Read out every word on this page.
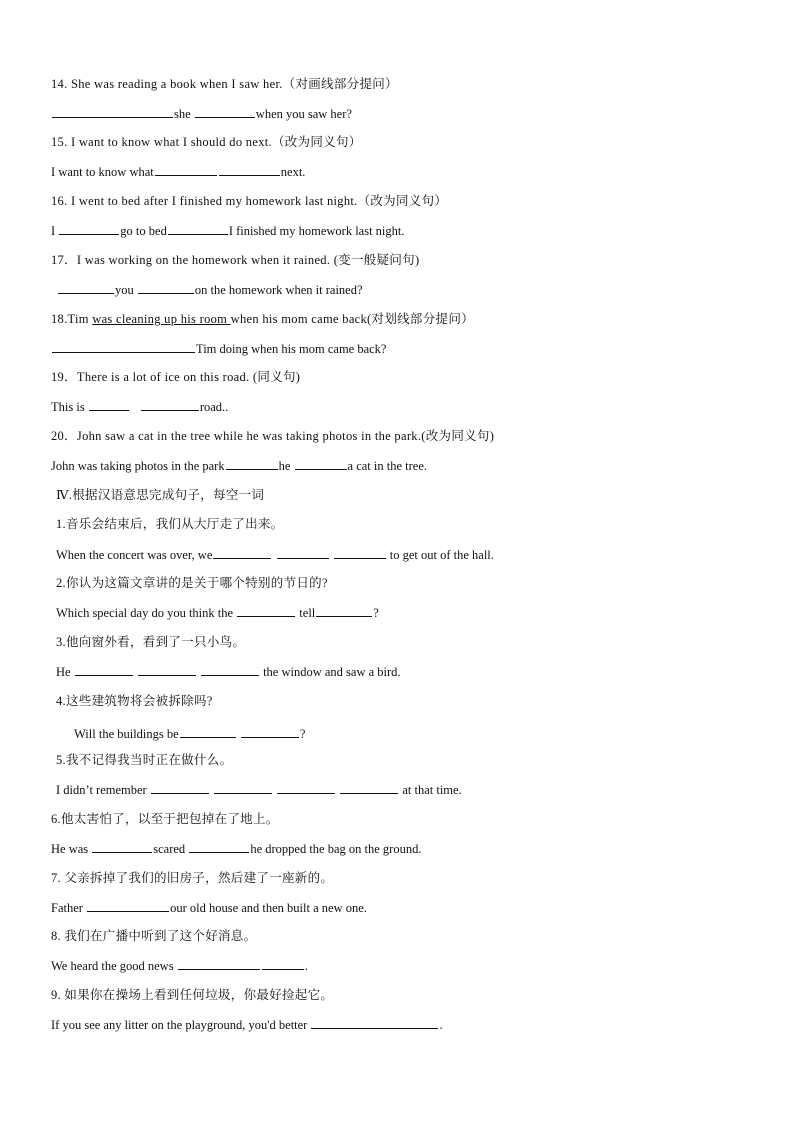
14. She was reading a book when I saw her.（对画线部分提问）
she	when you saw her?
15. I want to know what I should do next.（改为同义句）
I want to know what	next.
16. I went to bed after I finished my homework last night.（改为同义句）
I	go to bed	I finished my homework last night.
17．I was working on the homework when it rained. (变一般疑问句)
you	on the homework when it rained?
18.Tim was cleaning up his room when his mom came back(对划线部分提问）
Tim doing when his mom came back?
19．There is a lot of ice on this road. (同义句)
This is	road..
20．John saw a cat in the tree while he was taking photos in the park.(改为同义句)
John was taking photos in the park	he	a cat in the tree.
Ⅳ.根据汉语意思完成句子，每空一词
1.音乐会结束后，我们从大厅走了出来。
When the concert was over, we	to get out of the hall.
2.你认为这篇文章讲的是关于哪个特别的节日的?
Which special day do you think the	tell	?
3.他向窗外看，看到了一只小鸟。
He	the window and saw a bird.
4.这些建筑物将会被拆除吗?
Will the buildings be	?
5.我不记得我当时正在做什么。
I didn’t remember	at that time.
6.他太害怕了，以至于把包掉在了地上。
He was	scared	he dropped the bag on the ground.
7. 父亲拆掉了我们的旧房子，然后建了一座新的。
Father	our old house and then built a new one.
8. 我们在广播中听到了这个好消息。
We heard the good news	.
9. 如果你在操场上看到任何垃圾，你最好捡起它。
If you see any litter on the playground, you'd better	.
